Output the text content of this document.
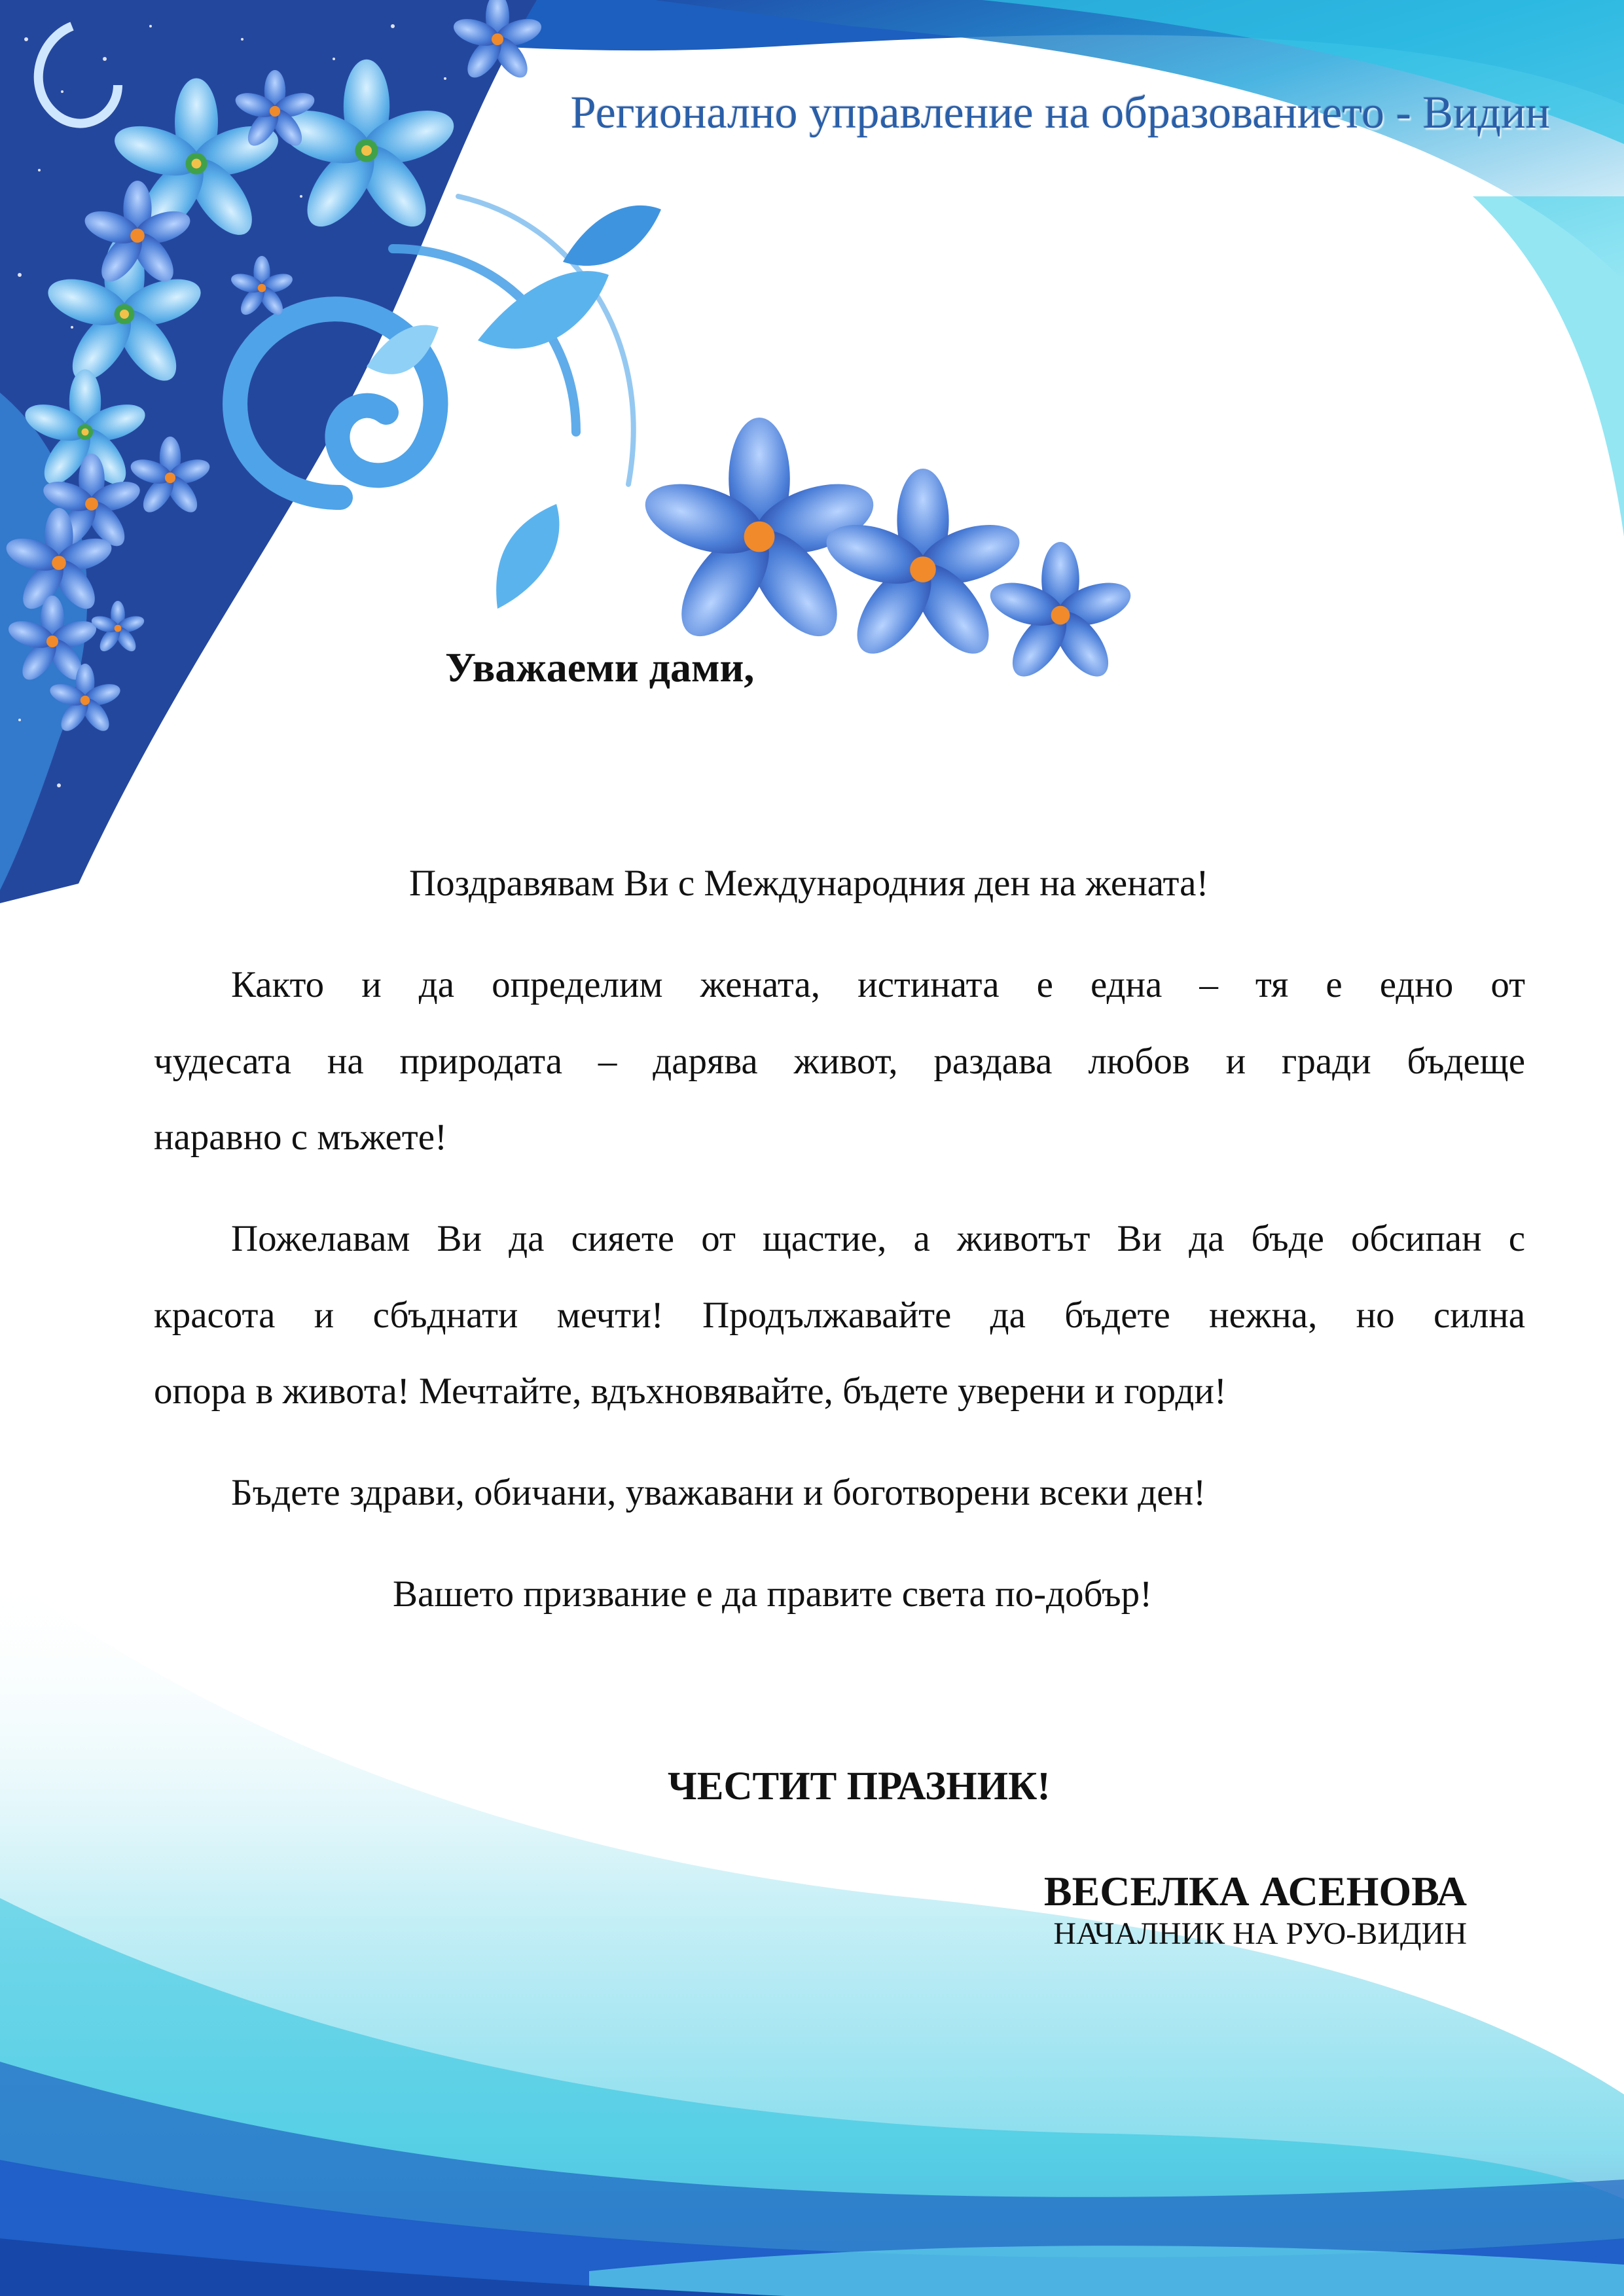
Регионално управление на образованието - Видин
Уважаеми дами,
Поздравявам Ви с Международния ден на жената!
Както и да определим жената, истината е една – тя е едно от
чудесата на природата – дарява живот, раздава любов и гради бъдеще
наравно с мъжете!
Пожелавам Ви да сияете от щастие, а животът Ви да бъде обсипан с
красота и сбъднати мечти! Продължавайте да бъдете нежна, но силна
опора в живота! Мечтайте, вдъхновявайте, бъдете уверени и горди!
Бъдете здрави, обичани, уважавани и боготворени всеки ден!
Вашето призвание е да правите света по-добър!
ЧЕСТИТ ПРАЗНИК!
ВЕСЕЛКА АСЕНОВА
НАЧАЛНИК НА РУО-ВИДИН
